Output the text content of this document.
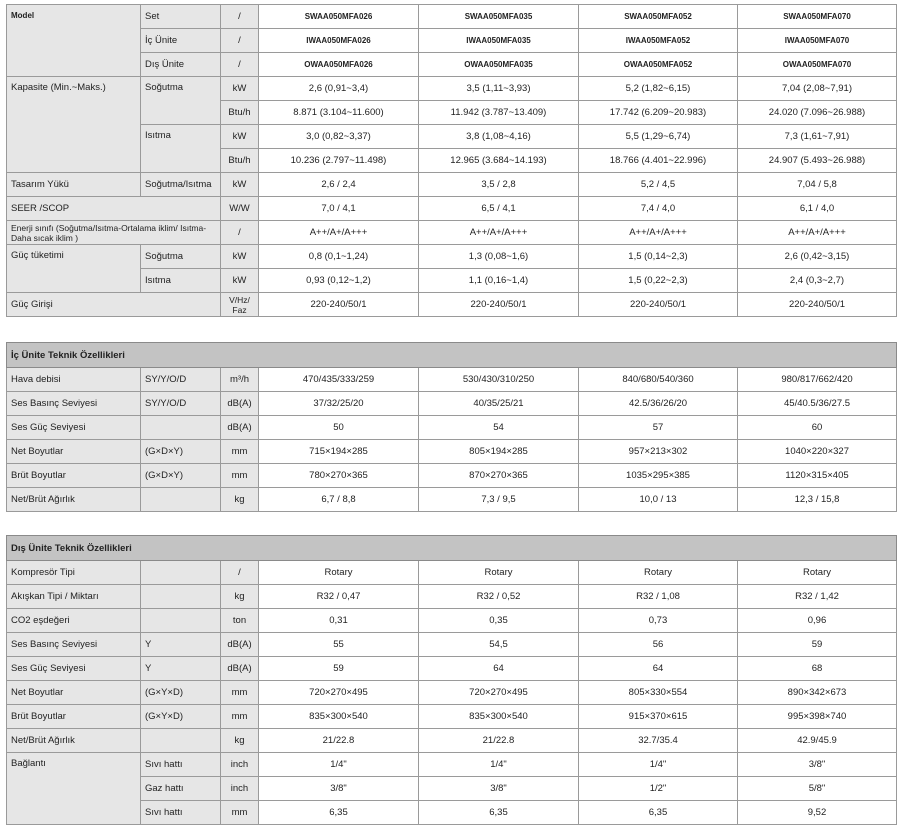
Model	Set	/	SWAA050MFA026	SWAA050MFA035	SWAA050MFA052	SWAA050MFA070
	İç Ünite	/	IWAA050MFA026	IWAA050MFA035	IWAA050MFA052	IWAA050MFA070
	Dış Ünite	/	OWAA050MFA026	OWAA050MFA035	OWAA050MFA052	OWAA050MFA070
Kapasite (Min.~Maks.)	Soğutma	kW	2,6 (0,91~3,4)	3,5 (1,11~3,93)	5,2 (1,82~6,15)	7,04 (2,08~7,91)
		Btu/h	8.871 (3.104~11.600)	11.942 (3.787~13.409)	17.742 (6.209~20.983)	24.020 (7.096~26.988)
	Isıtma	kW	3,0 (0,82~3,37)	3,8 (1,08~4,16)	5,5 (1,29~6,74)	7,3 (1,61~7,91)
		Btu/h	10.236 (2.797~11.498)	12.965 (3.684~14.193)	18.766 (4.401~22.996)	24.907 (5.493~26.988)
Tasarım Yükü	Soğutma/Isıtma	kW	2,6 / 2,4	3,5 / 2,8	5,2 / 4,5	7,04 / 5,8
SEER /SCOP		W/W	7,0 / 4,1	6,5 / 4,1	7,4 / 4,0	6,1 / 4,0
Enerji sınıfı (Soğutma/Isıtma-Ortalama iklim/ Isıtma-Daha sıcak iklim )		/	A++/A+/A+++	A++/A+/A+++	A++/A+/A+++	A++/A+/A+++
Güç tüketimi	Soğutma	kW	0,8 (0,1~1,24)	1,3 (0,08~1,6)	1,5 (0,14~2,3)	2,6 (0,42~3,15)
	Isıtma	kW	0,93 (0,12~1,2)	1,1 (0,16~1,4)	1,5 (0,22~2,3)	2,4 (0,3~2,7)
Güç Girişi		V/Hz/ Faz	220-240/50/1	220-240/50/1	220-240/50/1	220-240/50/1
İç Ünite Teknik Özellikleri						
Hava debisi	SY/Y/O/D	m³/h	470/435/333/259	530/430/310/250	840/680/540/360	980/817/662/420
Ses Basınç Seviyesi	SY/Y/O/D	dB(A)	37/32/25/20	40/35/25/21	42.5/36/26/20	45/40.5/36/27.5
Ses Güç Seviyesi		dB(A)	50	54	57	60
Net Boyutlar	(G×D×Y)	mm	715×194×285	805×194×285	957×213×302	1040×220×327
Brüt Boyutlar	(G×D×Y)	mm	780×270×365	870×270×365	1035×295×385	1120×315×405
Net/Brüt Ağırlık		kg	6,7 / 8,8	7,3 / 9,5	10,0 / 13	12,3 / 15,8
Dış Ünite Teknik Özellikleri						
Kompresör Tipi		/	Rotary	Rotary	Rotary	Rotary
Akışkan Tipi / Miktarı		kg	R32 / 0,47	R32 / 0,52	R32 / 1,08	R32 / 1,42
CO2 eşdeğeri		ton	0,31	0,35	0,73	0,96
Ses Basınç Seviyesi	Y	dB(A)	55	54,5	56	59
Ses Güç Seviyesi	Y	dB(A)	59	64	64	68
Net Boyutlar	(G×Y×D)	mm	720×270×495	720×270×495	805×330×554	890×342×673
Brüt Boyutlar	(G×Y×D)	mm	835×300×540	835×300×540	915×370×615	995×398×740
Net/Brüt Ağırlık		kg	21/22.8	21/22.8	32.7/35.4	42.9/45.9
Bağlantı	Sıvı hattı	inch	1/4"	1/4"	1/4"	3/8"
	Gaz hattı	inch	3/8"	3/8"	1/2"	5/8"
	Sıvı hattı	mm	6,35	6,35	6,35	9,52
